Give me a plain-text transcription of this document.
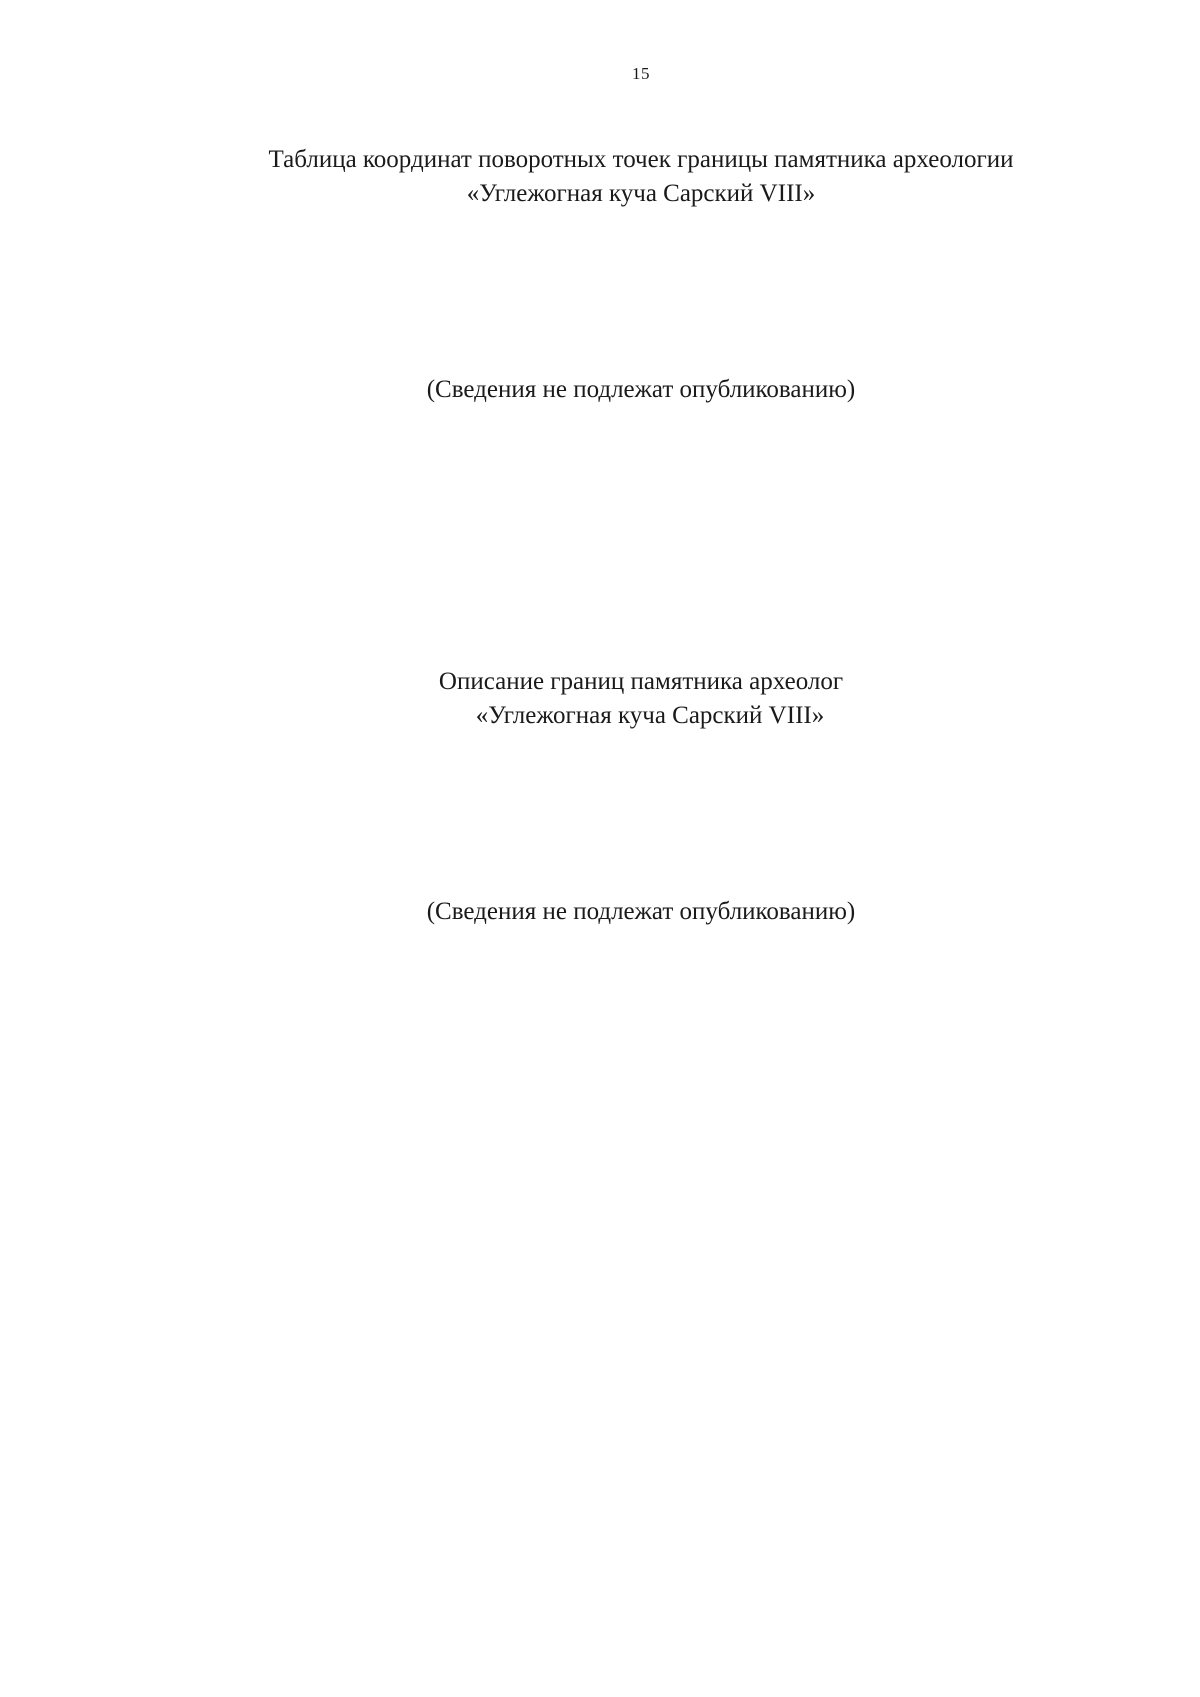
15
Таблица координат поворотных точек границы памятника археологии
«Углежогная куча Сарский VIII»
(Сведения не подлежат опубликованию)
Описание границ памятника археолог
«Углежогная куча Сарский VIII»
(Сведения не подлежат опубликованию)
